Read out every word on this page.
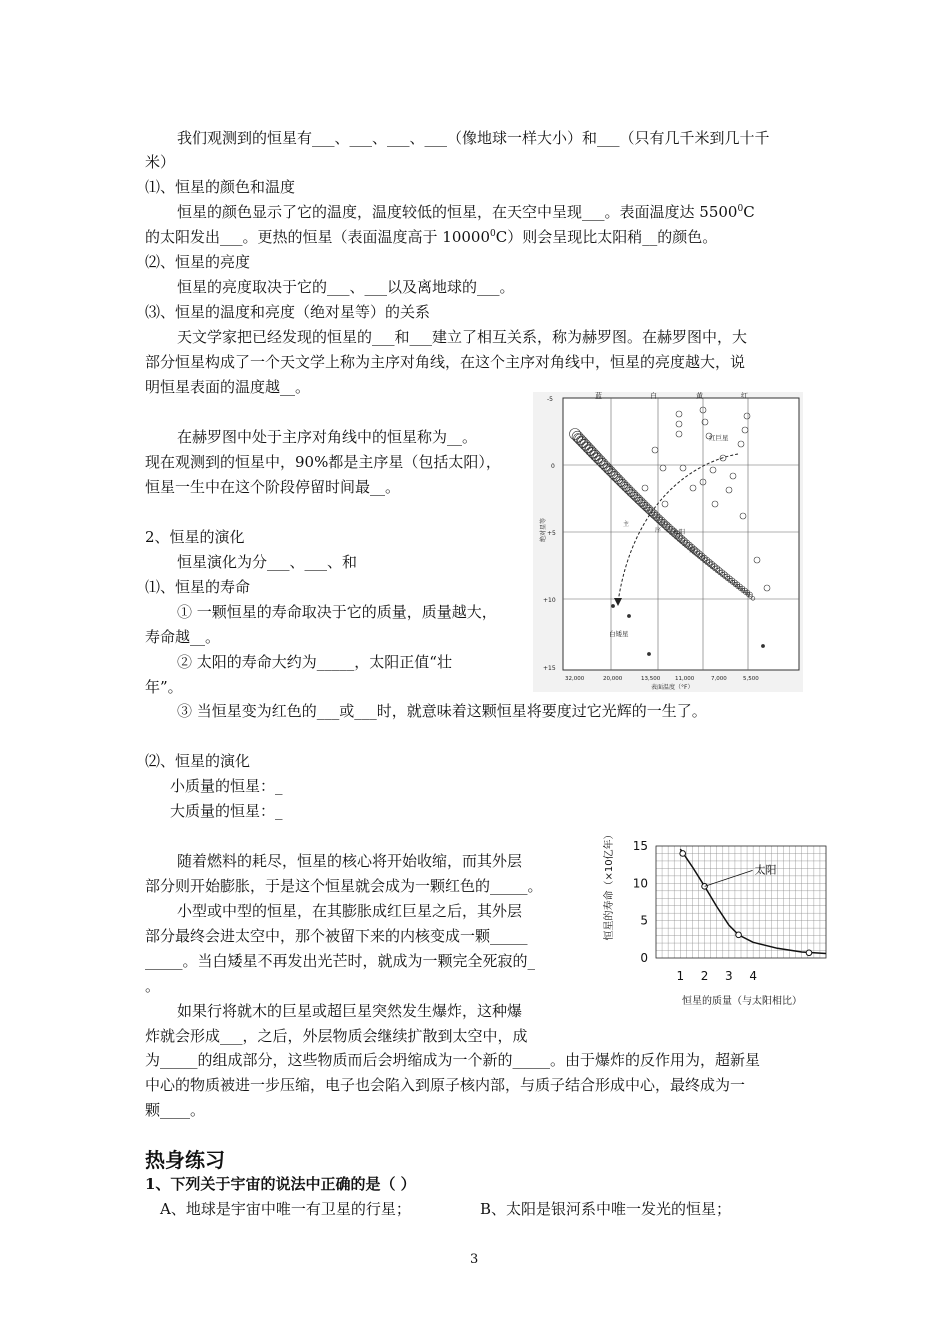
我们观测到的恒星有___、___、___、___（像地球一样大小）和___（只有几千米到几十千
米）
⑴、恒星的颜色和温度
恒星的颜色显示了它的温度，温度较低的恒星，在天空中呈现___。表面温度达 5500$^0$C
的太阳发出___。更热的恒星（表面温度高于 10000$^0$C）则会呈现比太阳稍__的颜色。
⑵、恒星的亮度
恒星的亮度取决于它的___、___以及离地球的___。
⑶、恒星的温度和亮度（绝对星等）的关系
天文学家把已经发现的恒星的___和___建立了相互关系，称为赫罗图。在赫罗图中，大
部分恒星构成了一个天文学上称为主序对角线，在这个主序对角线中，恒星的亮度越大，说
明恒星表面的温度越__。
在赫罗图中处于主序对角线中的恒星称为__。
现在观测到的恒星中，90%都是主序星（包括太阳），
恒星一生中在这个阶段停留时间最__。
2、恒星的演化
恒星演化为分___、___、和
⑴、恒星的寿命
① 一颗恒星的寿命取决于它的质量，质量越大，
寿命越__。
② 太阳的寿命大约为_____，太阳正值“壮
年”。
③ 当恒星变为红色的___或___时，就意味着这颗恒星将要度过它光辉的一生了。
⑵、恒星的演化
小质量的恒星：_
大质量的恒星：_
随着燃料的耗尽，恒星的核心将开始收缩，而其外层
部分则开始膨胀，于是这个恒星就会成为一颗红色的_____。
小型或中型的恒星，在其膨胀成红巨星之后，其外层
部分最终会进太空中，那个被留下来的内核变成一颗_____
_____。当白矮星不再发出光芒时，就成为一颗完全死寂的_
。
如果行将就木的巨星或超巨星突然发生爆炸，这种爆
炸就会形成___，之后，外层物质会继续扩散到太空中，成
为_____的组成部分，这些物质而后会坍缩成为一个新的_____。由于爆炸的反作用为，超新星
中心的物质被进一步压缩，电子也会陷入到原子核内部，与质子结合形成中心，最终成为一
颗____。
热身练习
1、下列关于宇宙的说法中正确的是（ ）
A、地球是宇宙中唯一有卫星的行星；	B、太阳是银河系中唯一发光的恒星；
3
蓝	白	黄	红
-5
0
+5
+10
+15
绝对星等
32,000	20,000	13,500	11,000	7,000	5,500
表面温度（°F）
红巨星
白矮星
太阳
主
序
星
0
5
10
15
1 2 3 4
太阳
恒星的寿命（×10亿年）
恒星的质量（与太阳相比）
